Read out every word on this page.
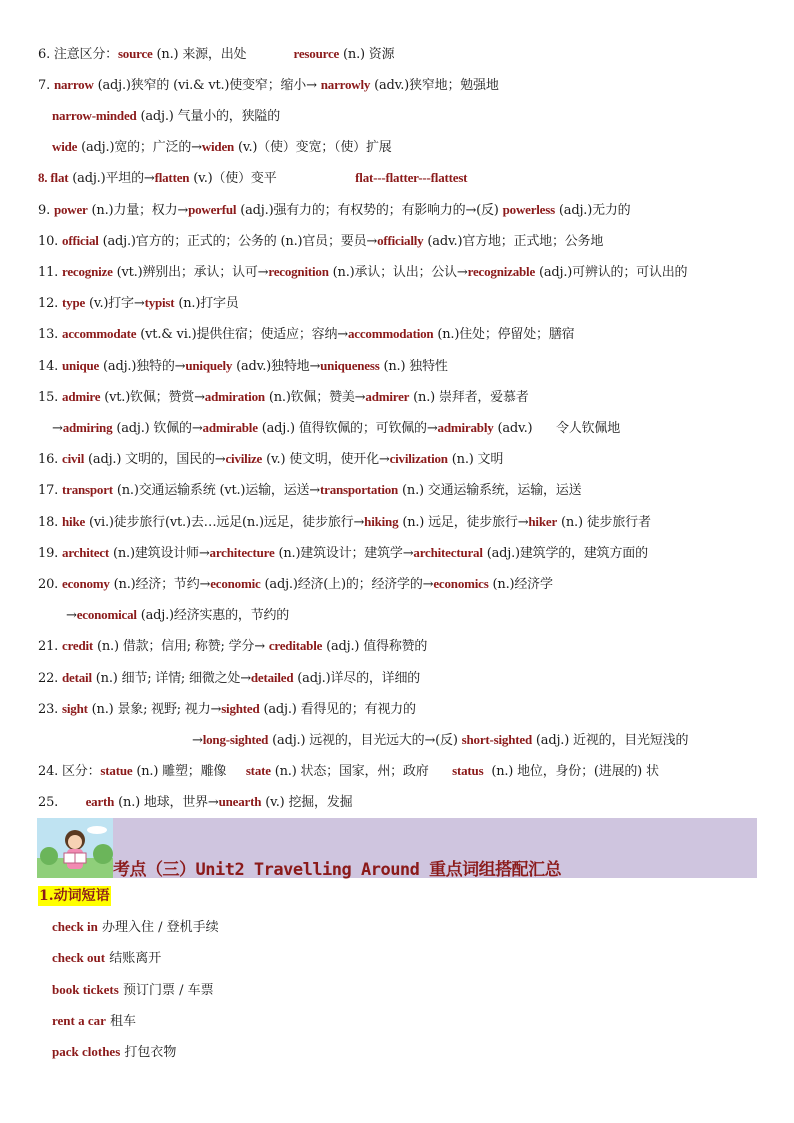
6. 注意区分：source (n.) 来源，出处            resource (n.) 资源
7. narrow (adj.)狭窄的 (vi.& vt.)使变窄；缩小→ narrowly (adv.)狭窄地；勉强地
narrow-minded (adj.) 气量小的，狭隘的
wide (adj.)宽的；广泛的→widen (v.)（使）变宽；（使）扩展
8. flat (adj.)平坦的→flatten (v.)（使）变平                    flat---flatter---flattest
9. power (n.)力量；权力→powerful (adj.)强有力的；有权势的；有影响力的→(反) powerless (adj.)无力的
10. official (adj.)官方的；正式的；公务的 (n.)官员；要员→officially (adv.)官方地；正式地；公务地
11. recognize (vt.)辨别出；承认；认可→recognition (n.)承认；认出；公认→recognizable (adj.)可辨认的；可认出的
12. type (v.)打字→typist (n.)打字员
13. accommodate (vt.& vi.)提供住宿；使适应；容纳→accommodation (n.)住处；停留处；膳宿
14. unique (adj.)独特的→uniquely (adv.)独特地→uniqueness (n.) 独特性
15. admire (vt.)钦佩；赞赏→admiration (n.)钦佩；赞美→admirer (n.) 崇拜者，爱慕者
→admiring (adj.) 钦佩的→admirable (adj.) 值得钦佩的；可钦佩的→admirably (adv.)      令人钦佩地
16. civil (adj.) 文明的，国民的→civilize (v.) 使文明，使开化→civilization (n.) 文明
17. transport (n.)交通运输系统 (vt.)运输，运送→transportation (n.) 交通运输系统，运输，运送
18. hike (vi.)徒步旅行(vt.)去…远足(n.)远足，徒步旅行→hiking (n.) 远足，徒步旅行→hiker (n.) 徒步旅行者
19. architect (n.)建筑设计师→architecture (n.)建筑设计；建筑学→architectural (adj.)建筑学的，建筑方面的
20. economy (n.)经济；节约→economic (adj.)经济(上)的；经济学的→economics (n.)经济学
→economical (adj.)经济实惠的，节约的
21. credit (n.) 借款；信用; 称赞; 学分→ creditable (adj.) 值得称赞的
22. detail (n.) 细节; 详情; 细微之处→detailed (adj.)详尽的，详细的
23. sight (n.) 景象; 视野; 视力→sighted (adj.) 看得见的；有视力的
→long-sighted (adj.) 远视的，目光远大的→(反) short-sighted (adj.) 近视的，目光短浅的
24. 区分：statue (n.) 雕塑；雕像     state (n.) 状态；国家，州；政府      status  (n.) 地位，身份；(进展的) 状
25.       earth (n.) 地球，世界→unearth (v.) 挖掘，发掘
考点（三）Unit2 Travelling Around 重点词组搭配汇总
1.动词短语
check in 办理入住 / 登机手续
check out 结账离开
book tickets 预订门票 / 车票
rent a car 租车
pack clothes 打包衣物
